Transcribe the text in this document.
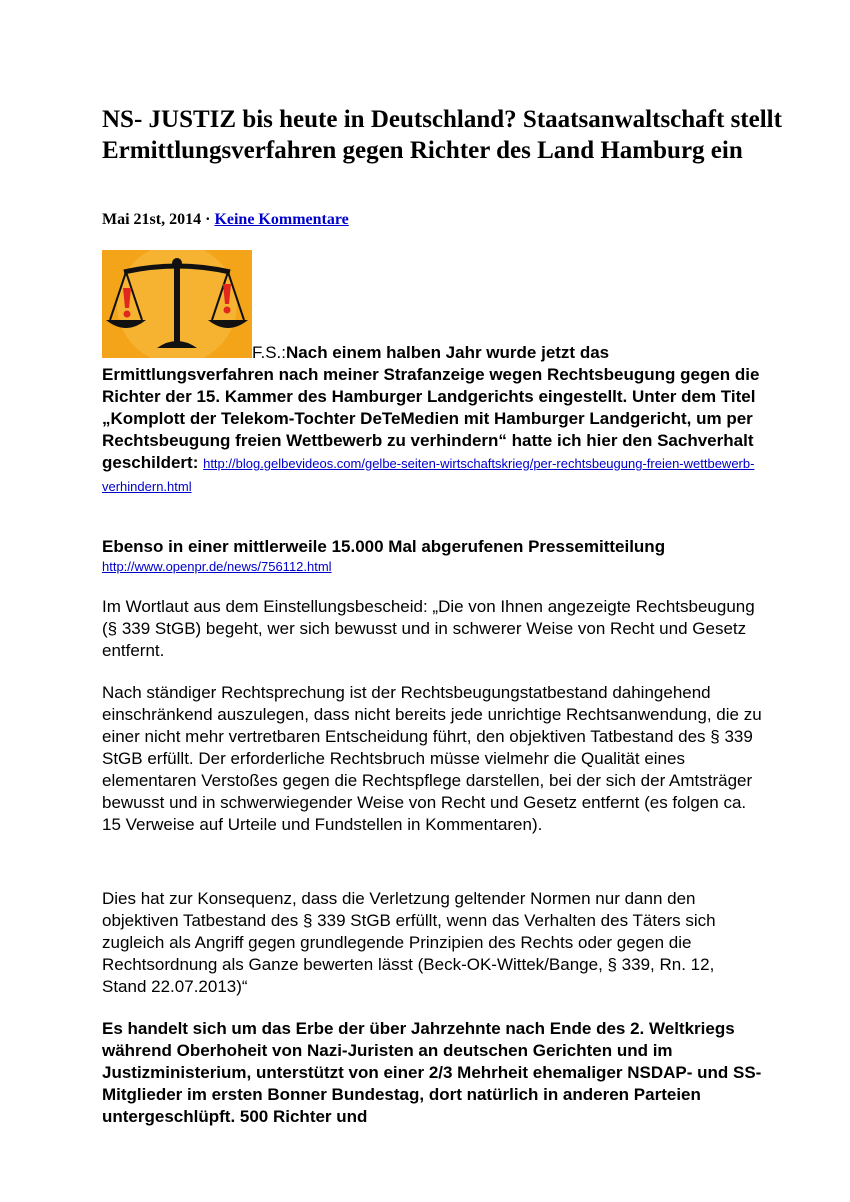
NS- JUSTIZ bis heute in Deutschland? Staatsanwaltschaft stellt Ermittlungsverfahren gegen Richter des Land Hamburg ein
Mai 21st, 2014 · Keine Kommentare

F.S.:Nach einem halben Jahr wurde jetzt das Ermittlungsverfahren nach meiner Strafanzeige wegen Rechtsbeugung gegen die Richter der 15. Kammer des Hamburger Landgerichts eingestellt. Unter dem Titel „Komplott der Telekom-Tochter DeTeMedien mit Hamburger Landgericht, um per Rechtsbeugung freien Wettbewerb zu verhindern“ hatte ich hier den Sachverhalt geschildert: http://blog.gelbevideos.com/gelbe-seiten-wirtschaftskrieg/per-rechtsbeugung-freien-wettbewerb-verhindern.html

Ebenso in einer mittlerweile 15.000 Mal abgerufenen Pressemitteilung
http://www.openpr.de/news/756112.html

Im Wortlaut aus dem Einstellungsbescheid: „Die von Ihnen angezeigte Rechtsbeugung (§ 339 StGB) begeht, wer sich bewusst und in schwerer Weise von Recht und Gesetz entfernt.

Nach ständiger Rechtsprechung ist der Rechtsbeugungstatbestand dahingehend einschränkend auszulegen, dass nicht bereits jede unrichtige Rechtsanwendung, die zu einer nicht mehr vertretbaren Entscheidung führt, den objektiven Tatbestand des § 339 StGB erfüllt. Der erforderliche Rechtsbruch müsse vielmehr die Qualität eines elementaren Verstoßes gegen die Rechtspflege darstellen, bei der sich der Amtsträger bewusst und in schwerwiegender Weise von Recht und Gesetz entfernt (es folgen ca. 15 Verweise auf Urteile und Fundstellen in Kommentaren).

Dies hat zur Konsequenz, dass die Verletzung geltender Normen nur dann den objektiven Tatbestand des § 339 StGB erfüllt, wenn das Verhalten des Täters sich zugleich als Angriff gegen grundlegende Prinzipien des Rechts oder gegen die Rechtsordnung als Ganze bewerten lässt (Beck-OK-Wittek/Bange, § 339, Rn. 12, Stand 22.07.2013)“

Es handelt sich um das Erbe der über Jahrzehnte nach Ende des 2. Weltkriegs während Oberhoheit von Nazi-Juristen an deutschen Gerichten und im Justizministerium, unterstützt von einer 2/3 Mehrheit ehemaliger NSDAP- und SS-Mitglieder im ersten Bonner Bundestag, dort natürlich in anderen Parteien untergeschlüpft. 500 Richter und
